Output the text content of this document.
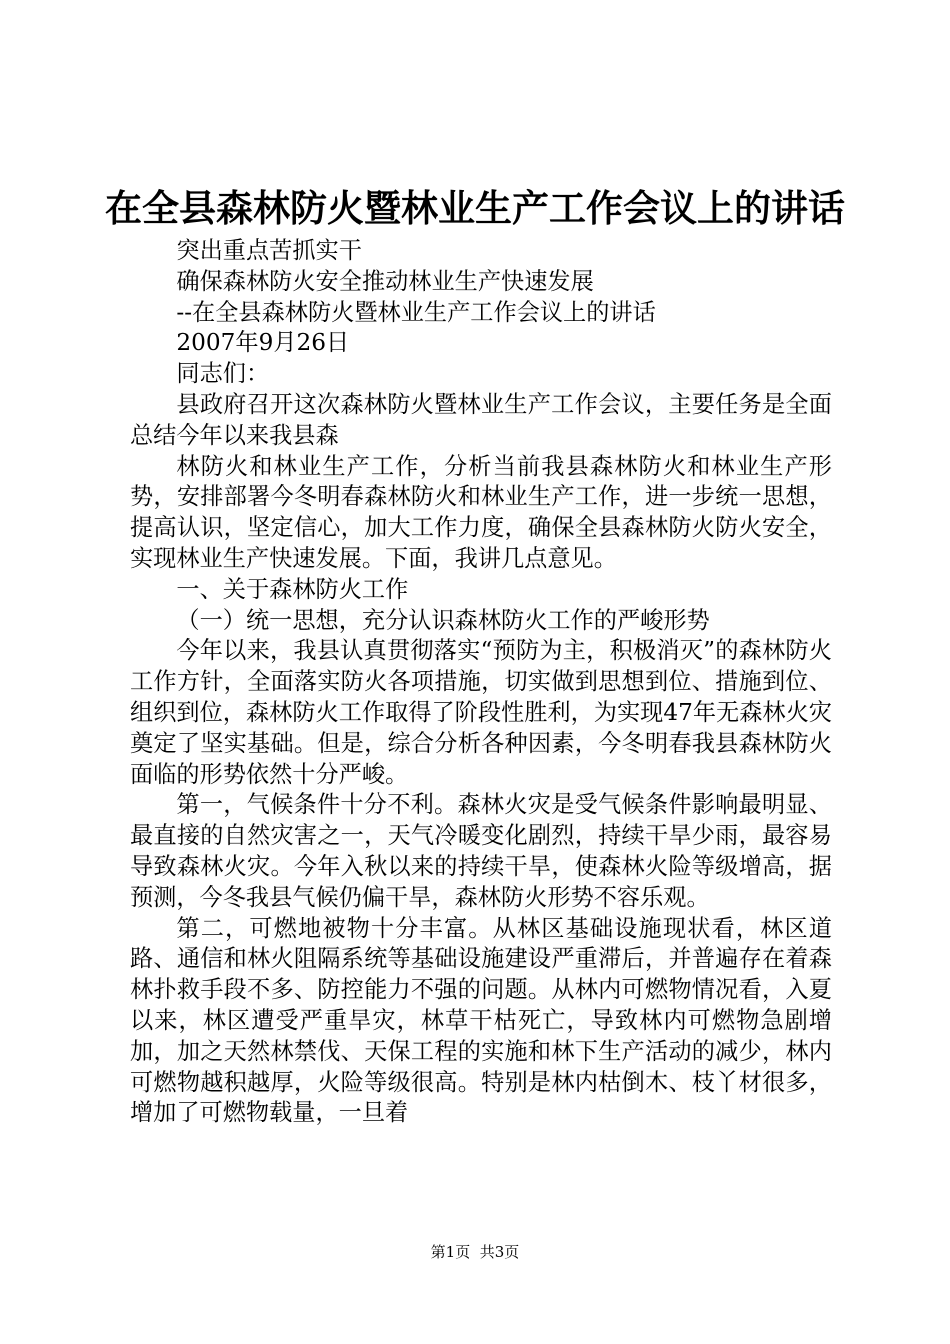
在全县森林防火暨林业生产工作会议上的讲话

突出重点苦抓实干

确保森林防火安全推动林业生产快速发展

--在全县森林防火暨林业生产工作会议上的讲话

2007年9月26日

同志们：

县政府召开这次森林防火暨林业生产工作会议，主要任务是全面总结今年以来我县森

林防火和林业生产工作，分析当前我县森林防火和林业生产形势，安排部署今冬明春森林防火和林业生产工作，进一步统一思想，提高认识，坚定信心，加大工作力度，确保全县森林防火防火安全，实现林业生产快速发展。下面，我讲几点意见。

一、关于森林防火工作

（一）统一思想，充分认识森林防火工作的严峻形势

今年以来，我县认真贯彻落实“预防为主，积极消灭”的森林防火工作方针，全面落实防火各项措施，切实做到思想到位、措施到位、组织到位，森林防火工作取得了阶段性胜利，为实现47年无森林火灾奠定了坚实基础。但是，综合分析各种因素，今冬明春我县森林防火面临的形势依然十分严峻。

第一，气候条件十分不利。森林火灾是受气候条件影响最明显、最直接的自然灾害之一，天气冷暖变化剧烈，持续干旱少雨，最容易导致森林火灾。今年入秋以来的持续干旱，使森林火险等级增高，据预测，今冬我县气候仍偏干旱，森林防火形势不容乐观。

第二，可燃地被物十分丰富。从林区基础设施现状看，林区道路、通信和林火阻隔系统等基础设施建设严重滞后，并普遍存在着森林扑救手段不多、防控能力不强的问题。从林内可燃物情况看，入夏以来，林区遭受严重旱灾，林草干枯死亡，导致林内可燃物急剧增加，加之天然林禁伐、天保工程的实施和林下生产活动的减少，林内可燃物越积越厚，火险等级很高。特别是林内枯倒木、枝丫材很多，增加了可燃物载量，一旦着

第1页 共3页
